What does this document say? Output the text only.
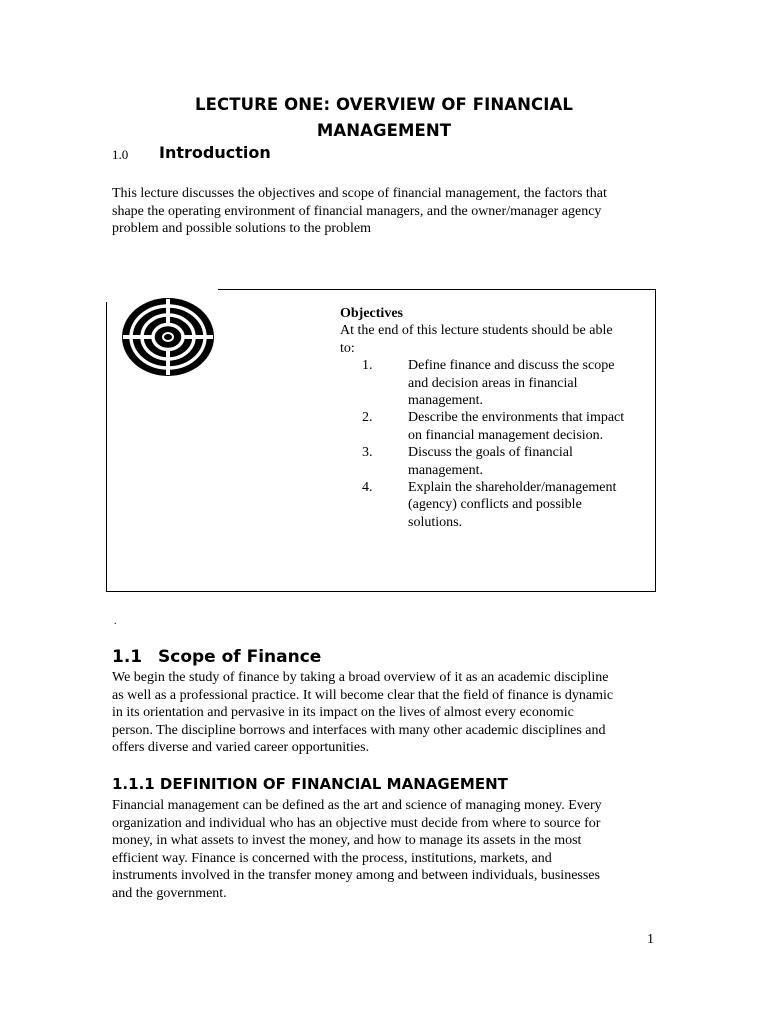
LECTURE ONE: OVERVIEW OF FINANCIAL
MANAGEMENT
1.0 Introduction
This lecture discusses the objectives and scope of financial management, the factors that
shape the operating environment of financial managers, and the owner/manager agency
problem and possible solutions to the problem
Objectives
At the end of this lecture students should be able
to:
1.	Define finance and discuss the scope
and decision areas in financial
management.
2.	Describe the environments that impact
on financial management decision.
3.	Discuss the goals of financial
management.
4.	Explain the shareholder/management
(agency) conflicts and possible
solutions.
.
1.1 Scope of Finance
We begin the study of finance by taking a broad overview of it as an academic discipline
as well as a professional practice. It will become clear that the field of finance is dynamic
in its orientation and pervasive in its impact on the lives of almost every economic
person. The discipline borrows and interfaces with many other academic disciplines and
offers diverse and varied career opportunities.
1.1.1 DEFINITION OF FINANCIAL MANAGEMENT
Financial management can be defined as the art and science of managing money. Every
organization and individual who has an objective must decide from where to source for
money, in what assets to invest the money, and how to manage its assets in the most
efficient way. Finance is concerned with the process, institutions, markets, and
instruments involved in the transfer money among and between individuals, businesses
and the government.
1
